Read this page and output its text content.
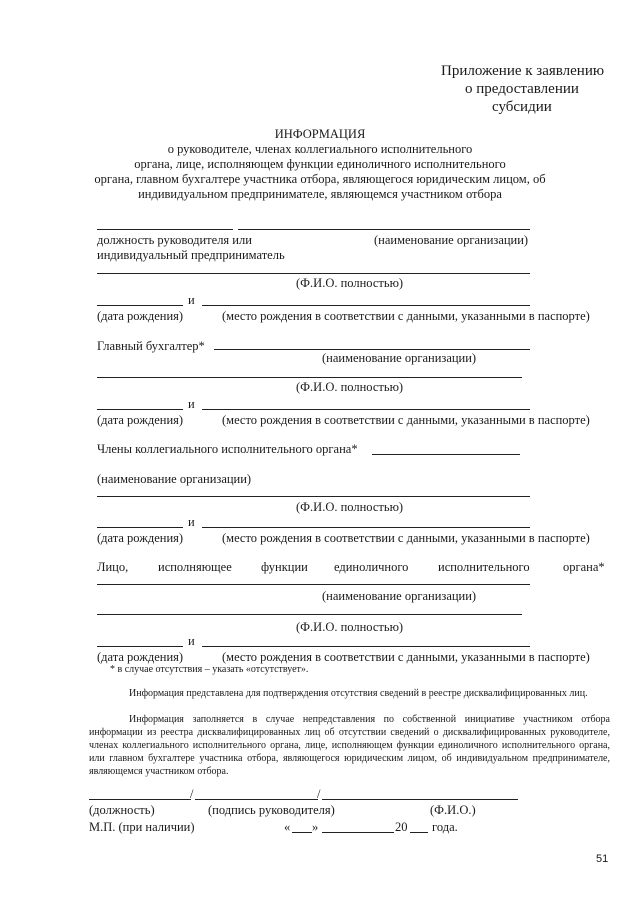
Приложение к заявлению
о предоставлении
субсидии
ИНФОРМАЦИЯ
о руководителе, членах коллегиального исполнительного
органа, лице, исполняющем функции единоличного исполнительного
органа, главном бухгалтере участника отбора, являющегося юридическим лицом, об
индивидуальном предпринимателе, являющемся участником отбора
должность руководителя или	(наименование организации)
индивидуальный предприниматель
(Ф.И.О. полностью)
и
(дата рождения)	(место рождения в соответствии с данными, указанными в паспорте)
Главный бухгалтер*
(наименование организации)
(Ф.И.О. полностью)
и
(дата рождения)	(место рождения в соответствии с данными, указанными в паспорте)
Члены коллегиального исполнительного органа*
(наименование организации)
(Ф.И.О. полностью)
и
(дата рождения)	(место рождения в соответствии с данными, указанными в паспорте)
Лицо, исполняющее функции единоличного исполнительного	органа*
(наименование организации)
(Ф.И.О. полностью)
и
(дата рождения)	(место рождения в соответствии с данными, указанными в паспорте)
* в случае отсутствия – указать «отсутствует».
Информация представлена для подтверждения отсутствия сведений в реестре дисквалифицированных лиц.
Информация заполняется в случае непредставления по собственной инициативе участником отбора информации из реестра дисквалифицированных лиц об отсутствии сведений о дисквалифицированных руководителе, членах коллегиального исполнительного органа, лице, исполняющем функции единоличного исполнительного органа, или главном бухгалтере участника отбора, являющегося юридическим лицом, об индивидуальном предпринимателе, являющемся участником отбора.
/	/
(должность)	(подпись руководителя)	(Ф.И.О.)
М.П. (при наличии)	« »	20 года.
51
